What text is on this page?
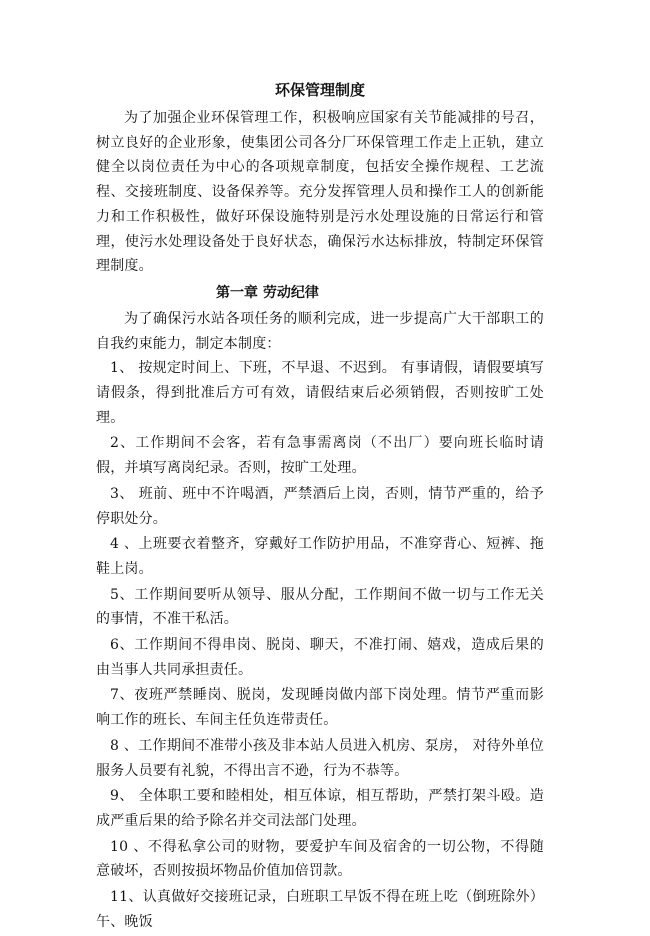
环保管理制度

为了加强企业环保管理工作，积极响应国家有关节能减排的号召，树立良好的企业形象，使集团公司各分厂环保管理工作走上正轨，建立健全以岗位责任为中心的各项规章制度，包括安全操作规程、工艺流程、交接班制度、设备保养等。充分发挥管理人员和操作工人的创新能力和工作积极性，做好环保设施特别是污水处理设施的日常运行和管理，使污水处理设备处于良好状态，确保污水达标排放，特制定环保管理制度。

第一章 劳动纪律

为了确保污水站各项任务的顺利完成，进一步提高广大干部职工的自我约束能力，制定本制度：

1、 按规定时间上、下班，不早退、不迟到。 有事请假，请假要填写请假条，得到批准后方可有效，请假结束后必须销假，否则按旷工处理。

2、工作期间不会客，若有急事需离岗（不出厂）要向班长临时请假，并填写离岗纪录。否则，按旷工处理。

3、 班前、班中不许喝酒，严禁酒后上岗，否则，情节严重的，给予停职处分。

4 、上班要衣着整齐，穿戴好工作防护用品，不准穿背心、短裤、拖鞋上岗。

5、工作期间要听从领导、服从分配，工作期间不做一切与工作无关的事情，不准干私活。

6、工作期间不得串岗、脱岗、聊天，不准打闹、嬉戏，造成后果的由当事人共同承担责任。

7、夜班严禁睡岗、脱岗，发现睡岗做内部下岗处理。情节严重而影响工作的班长、车间主任负连带责任。

8 、工作期间不准带小孩及非本站人员进入机房、泵房， 对待外单位服务人员要有礼貌，不得出言不逊，行为不恭等。

9、 全体职工要和睦相处，相互体谅，相互帮助，严禁打架斗殴。造成严重后果的给予除名并交司法部门处理。

10 、不得私拿公司的财物，要爱护车间及宿舍的一切公物，不得随意破坏，否则按损坏物品价值加倍罚款。

11、认真做好交接班记录，白班职工早饭不得在班上吃（倒班除外）午、晚饭
